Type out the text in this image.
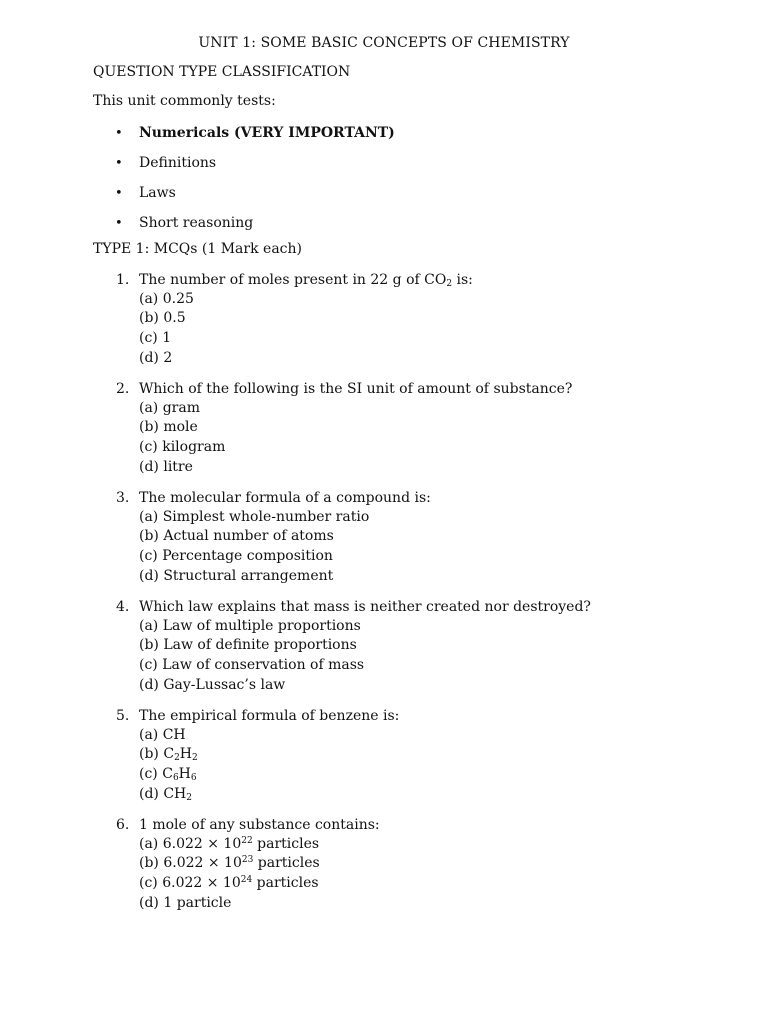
UNIT 1: SOME BASIC CONCEPTS OF CHEMISTRY
QUESTION TYPE CLASSIFICATION
This unit commonly tests:
• Numericals (VERY IMPORTANT)
• Definitions
• Laws
• Short reasoning
TYPE 1: MCQs (1 Mark each)
1. The number of moles present in 22 g of $CO_2$ is:
(a) 0.25
(b) 0.5
(c) 1
(d) 2
2. Which of the following is the SI unit of amount of substance?
(a) gram
(b) mole
(c) kilogram
(d) litre
3. The molecular formula of a compound is:
(a) Simplest whole-number ratio
(b) Actual number of atoms
(c) Percentage composition
(d) Structural arrangement
4. Which law explains that mass is neither created nor destroyed?
(a) Law of multiple proportions
(b) Law of definite proportions
(c) Law of conservation of mass
(d) Gay-Lussac’s law
5. The empirical formula of benzene is:
(a) CH
(b) $C_2H_2$
(c) $C_6H_6$
(d) $CH_2$
6. 1 mole of any substance contains:
(a) $6.022 \times 10^{22}$ particles
(b) $6.022 \times 10^{23}$ particles
(c) $6.022 \times 10^{24}$ particles
(d) 1 particle
